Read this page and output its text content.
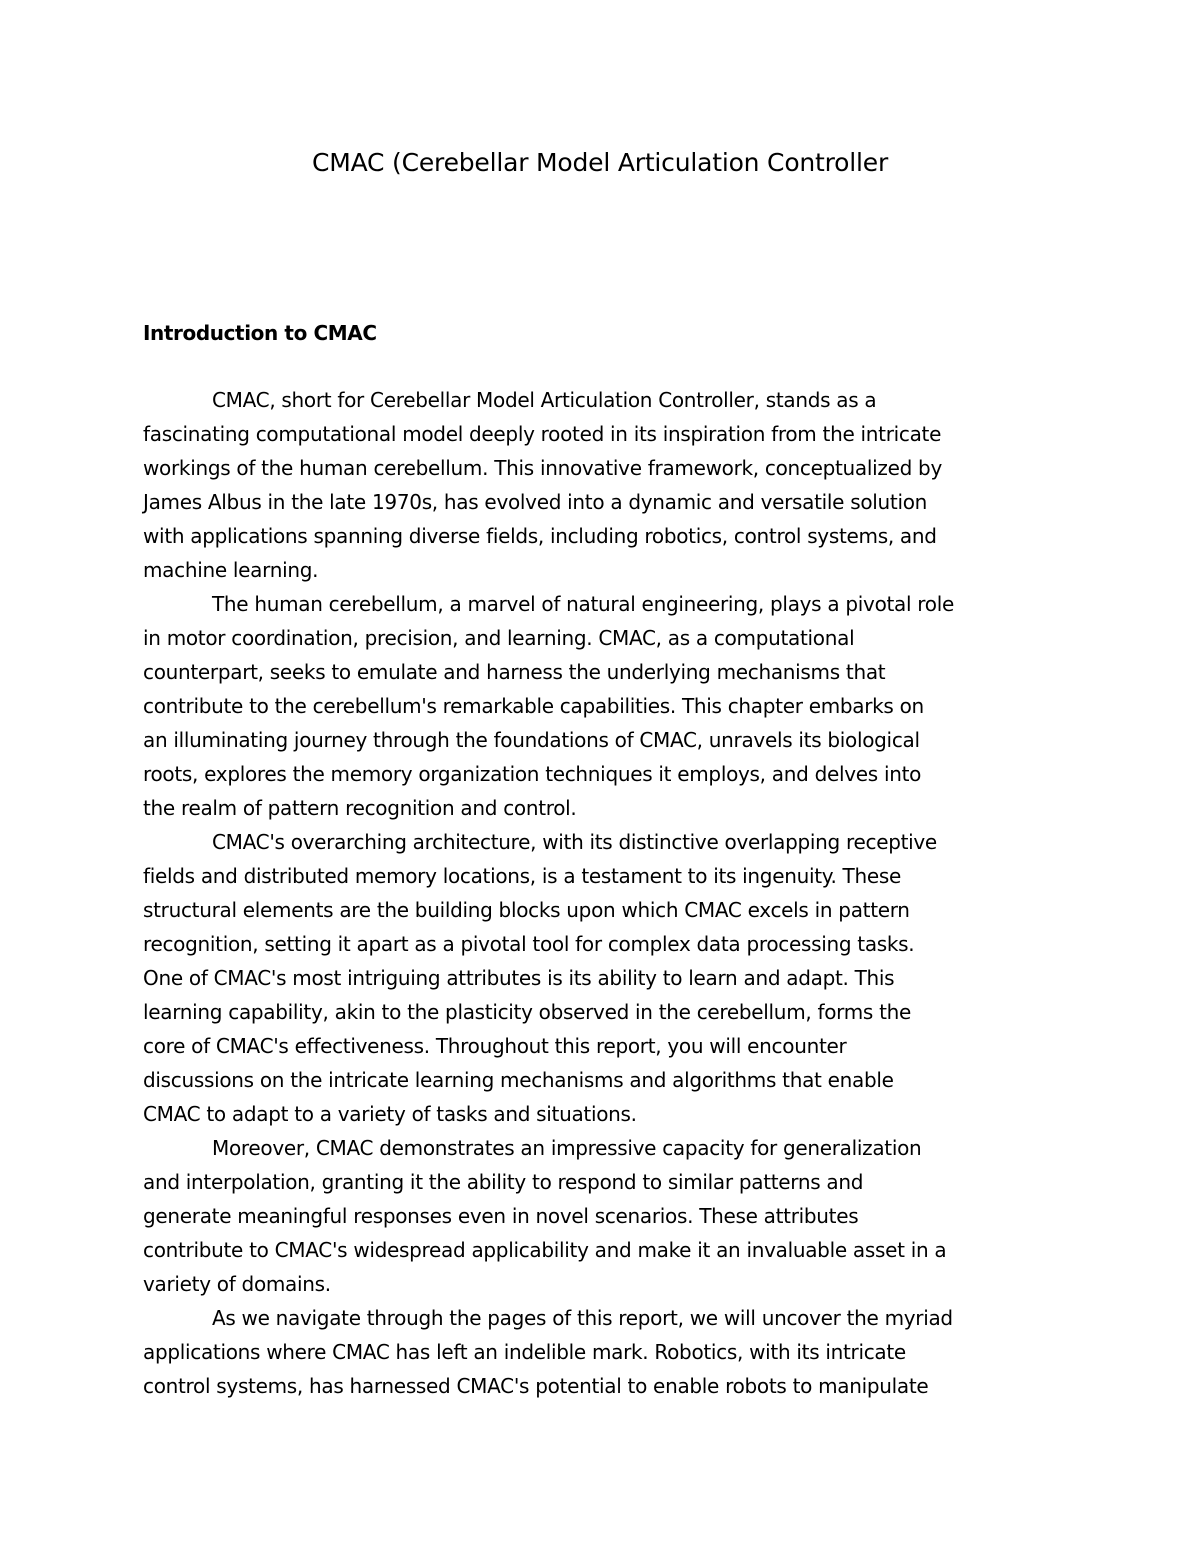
CMAC (Cerebellar Model Articulation Controller
Introduction to CMAC

CMAC, short for Cerebellar Model Articulation Controller, stands as a
fascinating computational model deeply rooted in its inspiration from the intricate
workings of the human cerebellum. This innovative framework, conceptualized by
James Albus in the late 1970s, has evolved into a dynamic and versatile solution
with applications spanning diverse fields, including robotics, control systems, and
machine learning.

The human cerebellum, a marvel of natural engineering, plays a pivotal role
in motor coordination, precision, and learning. CMAC, as a computational
counterpart, seeks to emulate and harness the underlying mechanisms that
contribute to the cerebellum's remarkable capabilities. This chapter embarks on
an illuminating journey through the foundations of CMAC, unravels its biological
roots, explores the memory organization techniques it employs, and delves into
the realm of pattern recognition and control.

CMAC's overarching architecture, with its distinctive overlapping receptive
fields and distributed memory locations, is a testament to its ingenuity. These
structural elements are the building blocks upon which CMAC excels in pattern
recognition, setting it apart as a pivotal tool for complex data processing tasks.
One of CMAC's most intriguing attributes is its ability to learn and adapt. This
learning capability, akin to the plasticity observed in the cerebellum, forms the
core of CMAC's effectiveness. Throughout this report, you will encounter
discussions on the intricate learning mechanisms and algorithms that enable
CMAC to adapt to a variety of tasks and situations.

Moreover, CMAC demonstrates an impressive capacity for generalization
and interpolation, granting it the ability to respond to similar patterns and
generate meaningful responses even in novel scenarios. These attributes
contribute to CMAC's widespread applicability and make it an invaluable asset in a
variety of domains.

As we navigate through the pages of this report, we will uncover the myriad
applications where CMAC has left an indelible mark. Robotics, with its intricate
control systems, has harnessed CMAC's potential to enable robots to manipulate
